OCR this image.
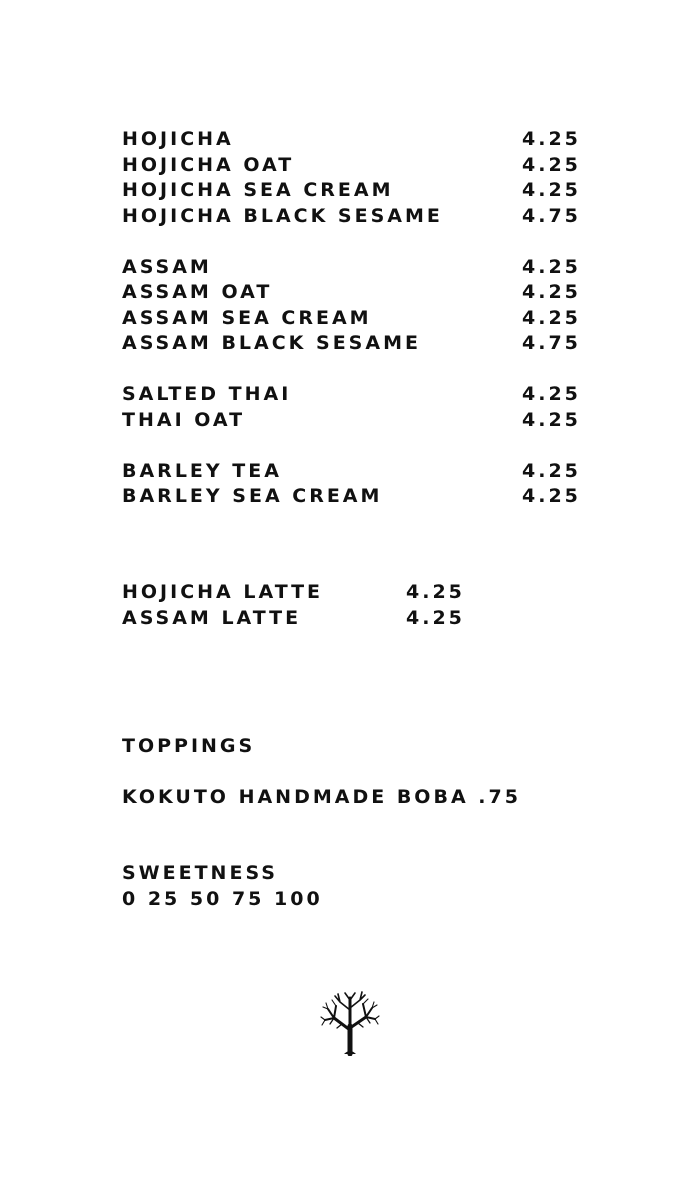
HOJICHA	4.25
HOJICHA OAT	4.25
HOJICHA SEA CREAM	4.25
HOJICHA BLACK SESAME	4.75
ASSAM	4.25
ASSAM OAT	4.25
ASSAM SEA CREAM	4.25
ASSAM BLACK SESAME	4.75
SALTED THAI	4.25
THAI OAT	4.25
BARLEY TEA	4.25
BARLEY SEA CREAM	4.25
HOJICHA LATTE	4.25
ASSAM LATTE	4.25
TOPPINGS
KOKUTO HANDMADE BOBA .75
SWEETNESS
0 25 50 75 100
